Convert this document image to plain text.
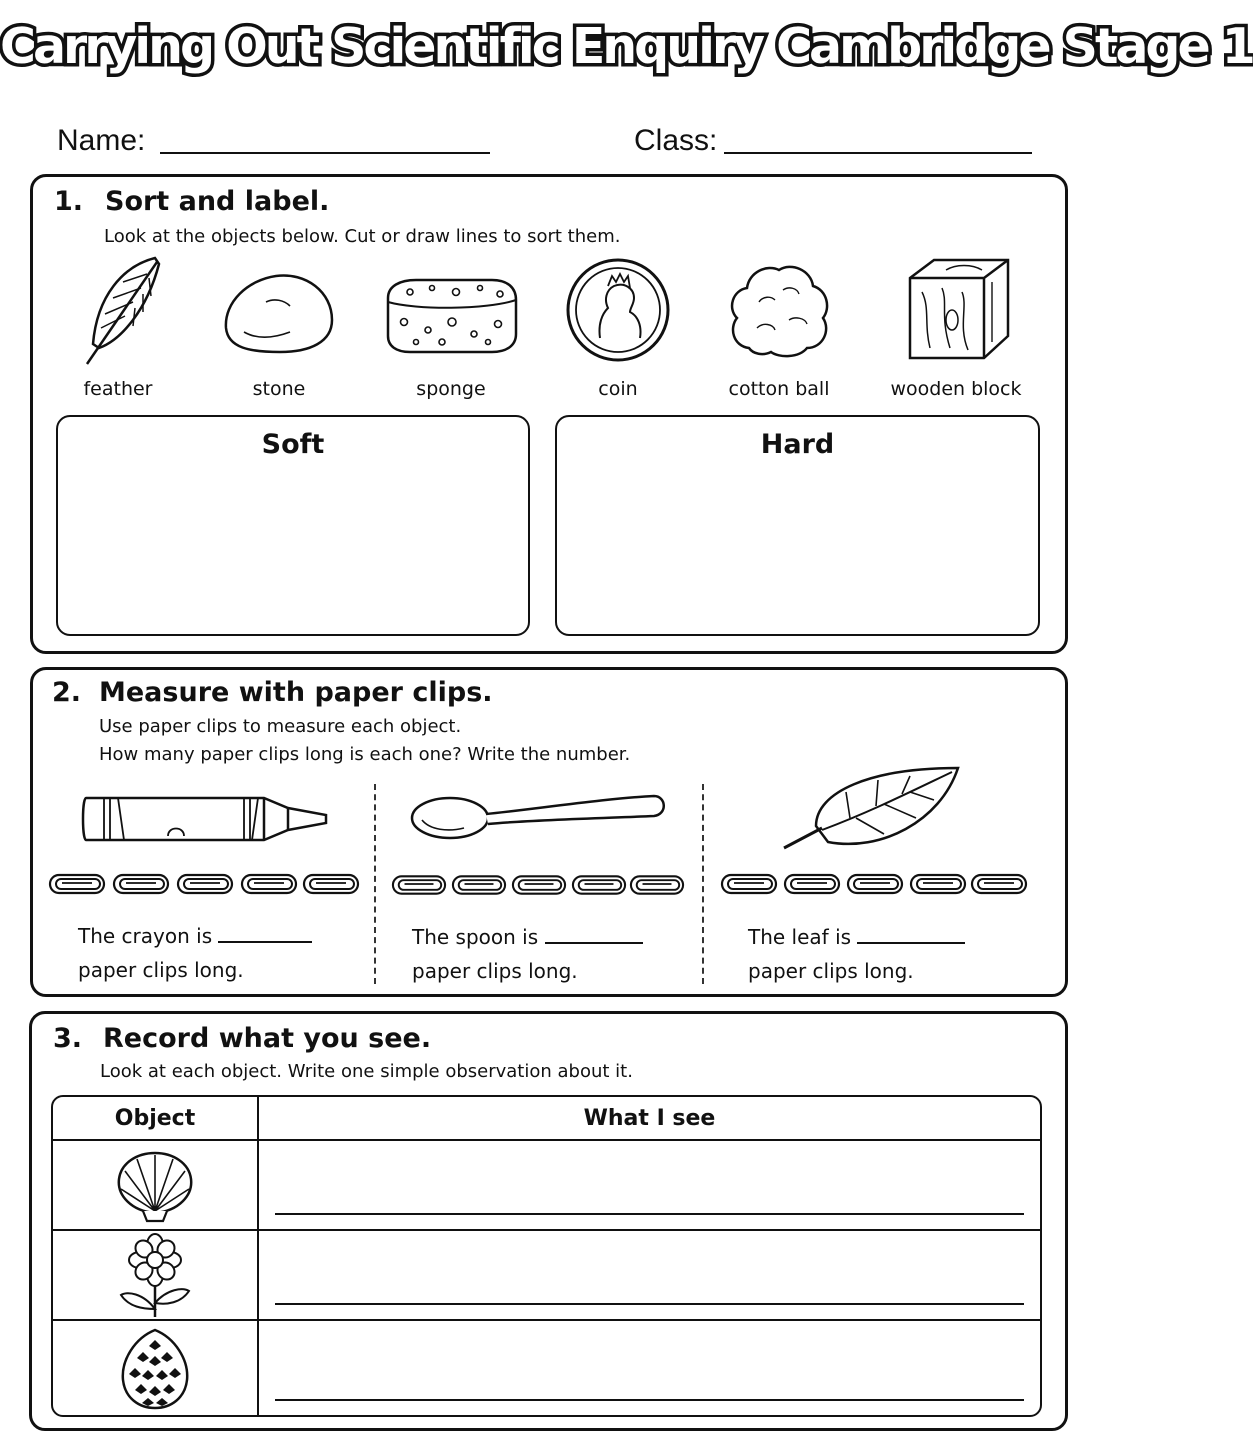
Carrying Out Scientific Enquiry Cambridge Stage 1
Name:	Class:
1. Sort and label.
Look at the objects below. Cut or draw lines to sort them.
feather	stone	sponge	coin	cotton ball	wooden block
Soft	Hard
2. Measure with paper clips.
Use paper clips to measure each object.
How many paper clips long is each one? Write the number.
The crayon is
paper clips long.
The spoon is
paper clips long.
The leaf is
paper clips long.
3. Record what you see.
Look at each object. Write one simple observation about it.
Object	What I see
